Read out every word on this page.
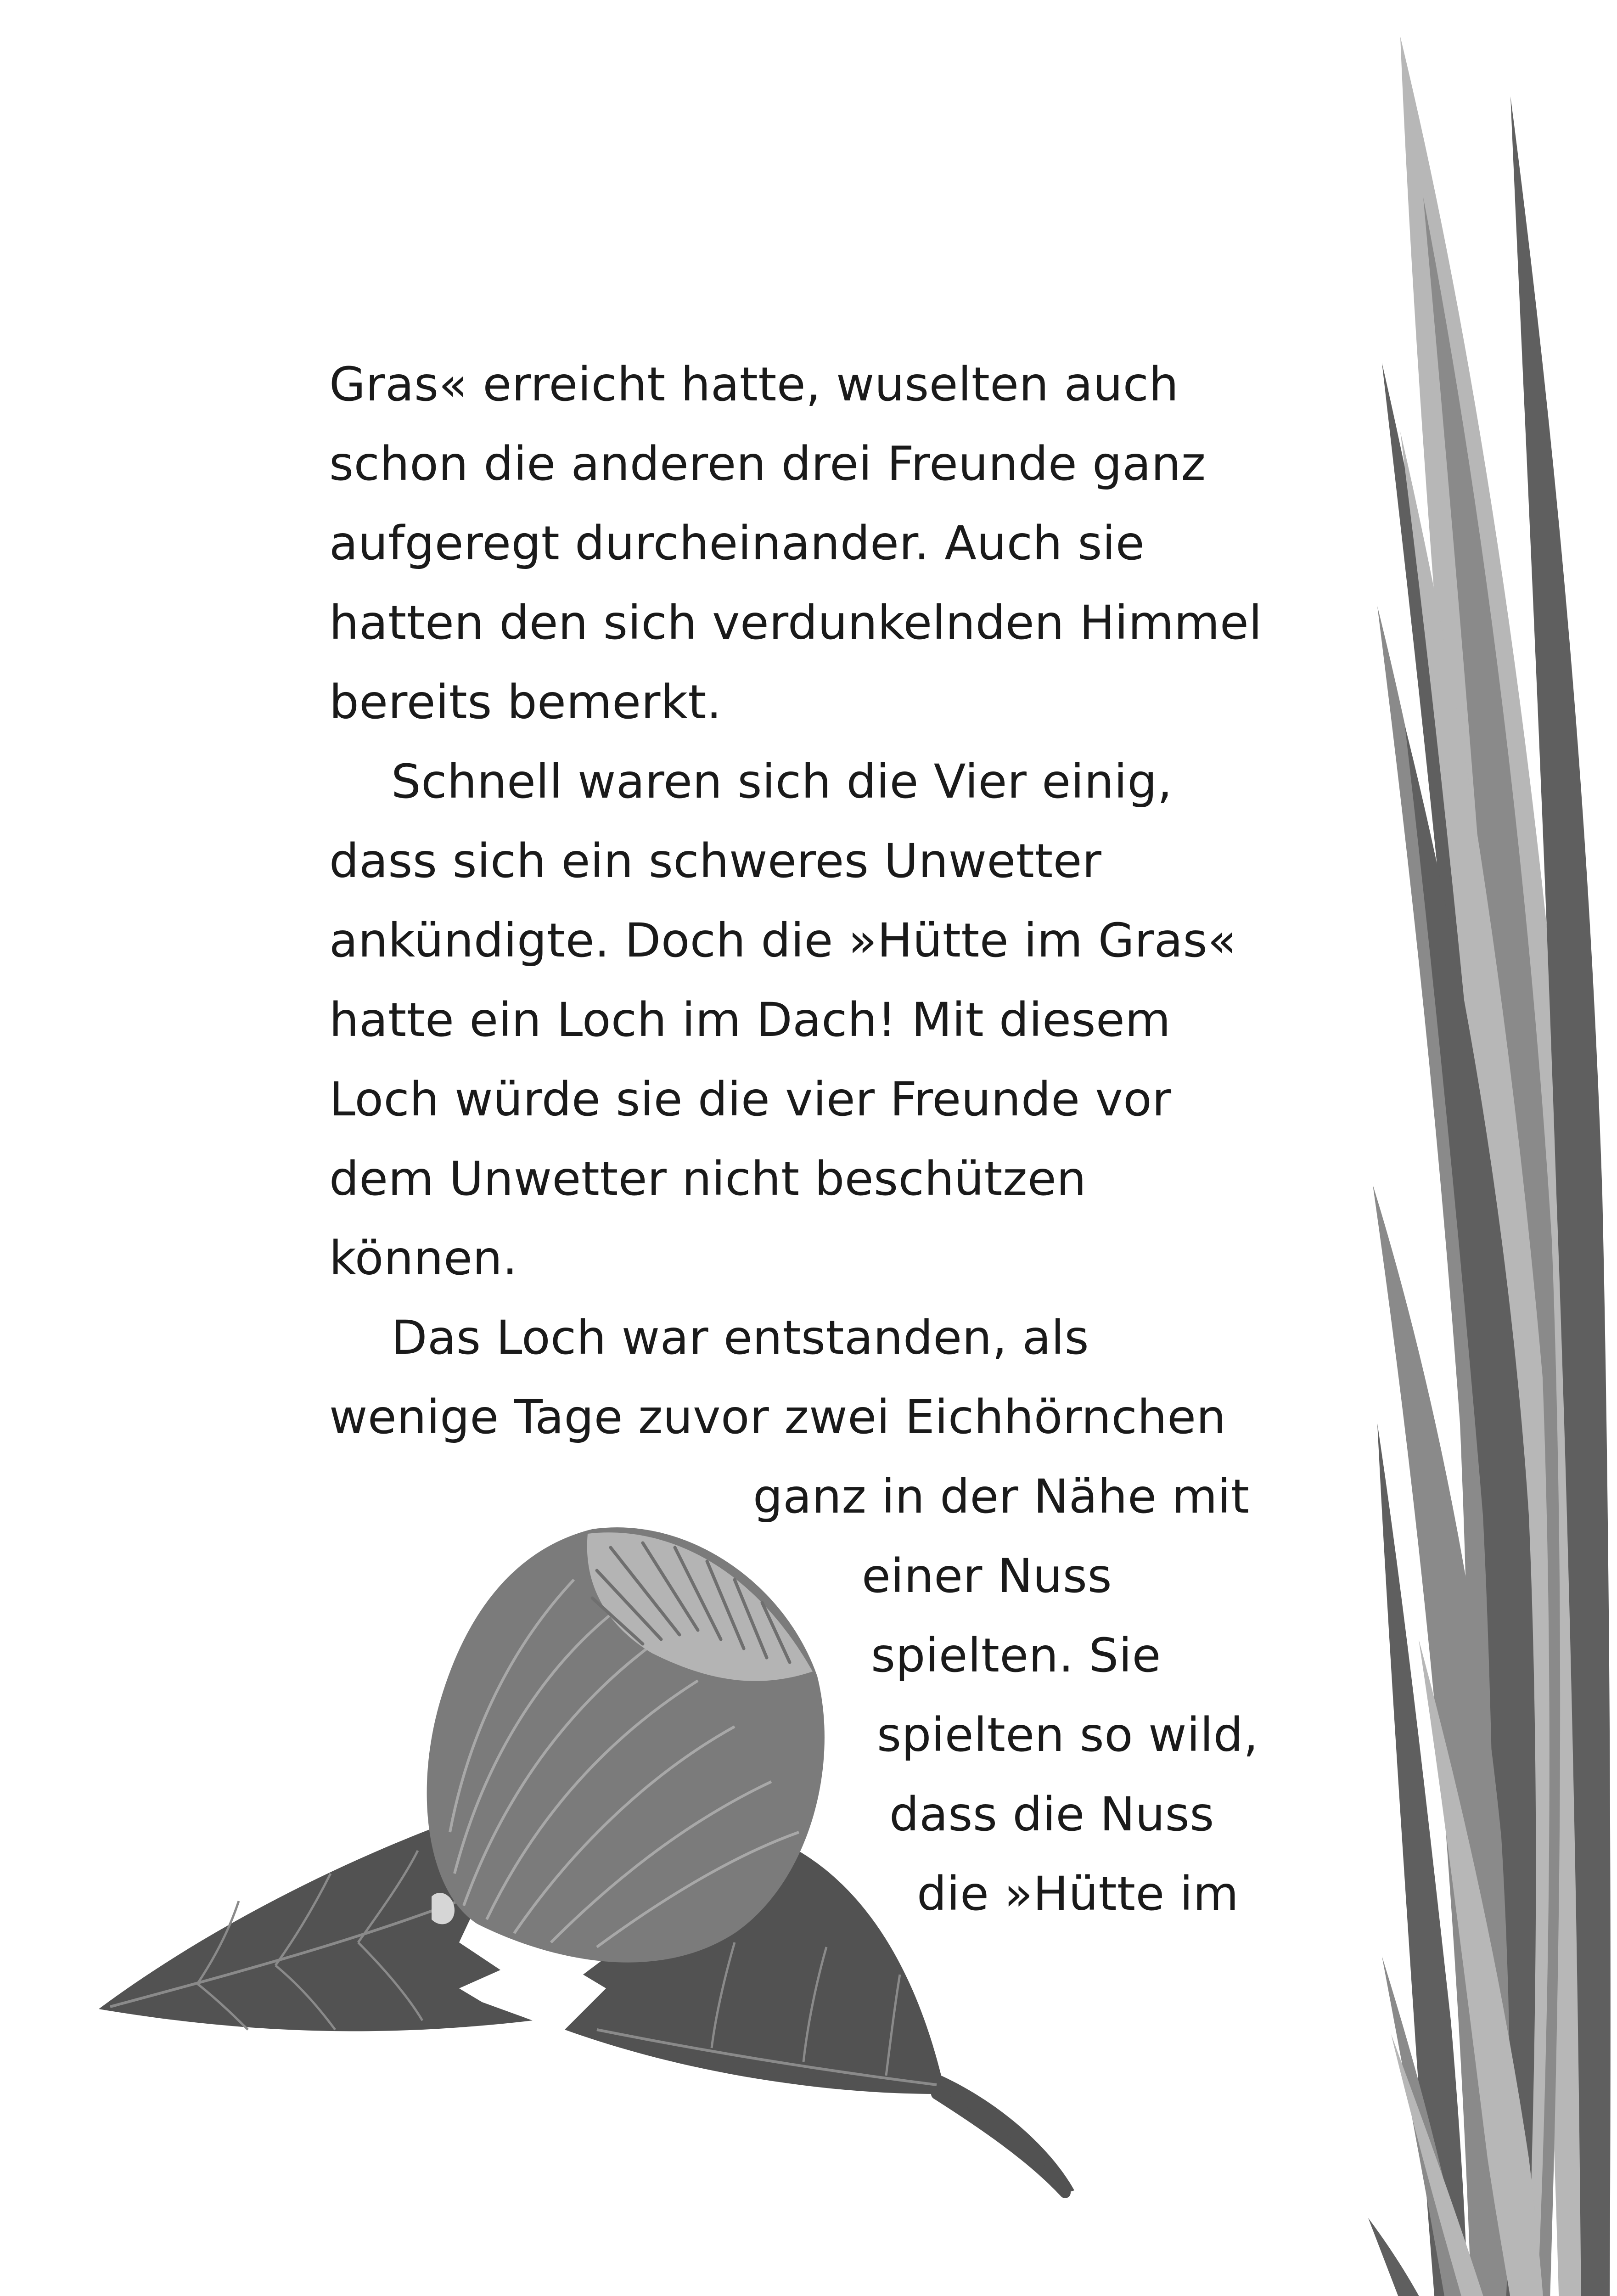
Gras« erreicht hatte, wuselten auch
schon die anderen drei Freunde ganz
aufgeregt durcheinander. Auch sie
hatten den sich verdunkelnden Himmel
bereits bemerkt.
Schnell waren sich die Vier einig,
dass sich ein schweres Unwetter
ankündigte. Doch die »Hütte im Gras«
hatte ein Loch im Dach! Mit diesem
Loch würde sie die vier Freunde vor
dem Unwetter nicht beschützen
können.
Das Loch war entstanden, als
wenige Tage zuvor zwei Eichhörnchen
ganz in der Nähe mit
einer Nuss
spielten. Sie
spielten so wild,
dass die Nuss
die »Hütte im
